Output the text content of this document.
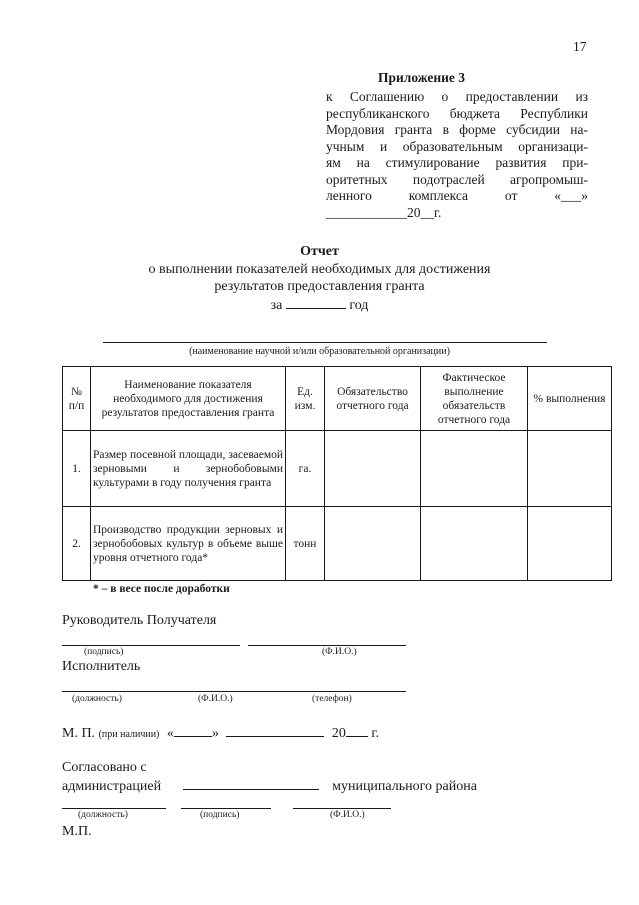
17
Приложение 3
к Соглашению о предоставлении из
республиканского бюджета Республики
Мордовия гранта в форме субсидии на-
учным и образовательным организаци-
ям на стимулирование развития при-
оритетных подотраслей агропромыш-
ленного комплекса от «___»
____________20__г.
Отчет
о выполнении показателей необходимых для достижения
результатов предоставления гранта
за	год
(наименование научной и/или образовательной организации)
№ п/п	Наименование показателя необходимого для достижения результатов предоставления гранта	Ед. изм.	Обязательство отчетного года	Фактическое выполнение обязательств отчетного года	% выполнения
1.	Размер посевной площади, засеваемой зерновыми и зернобобовыми культурами в году получения гранта	га.			
2.	Производство продукции зерновых и зернобобовых культур в объеме выше уровня отчетного года*	тонн			
* – в весе после доработки
Руководитель Получателя
(подпись)	(Ф.И.О.)
Исполнитель
(должность)	(Ф.И.О.)	(телефон)
М. П. (при наличии) «	»	20 г.
Согласовано с
администрацией	муниципального района
(должность)	(подпись)	(Ф.И.О.)
М.П.
